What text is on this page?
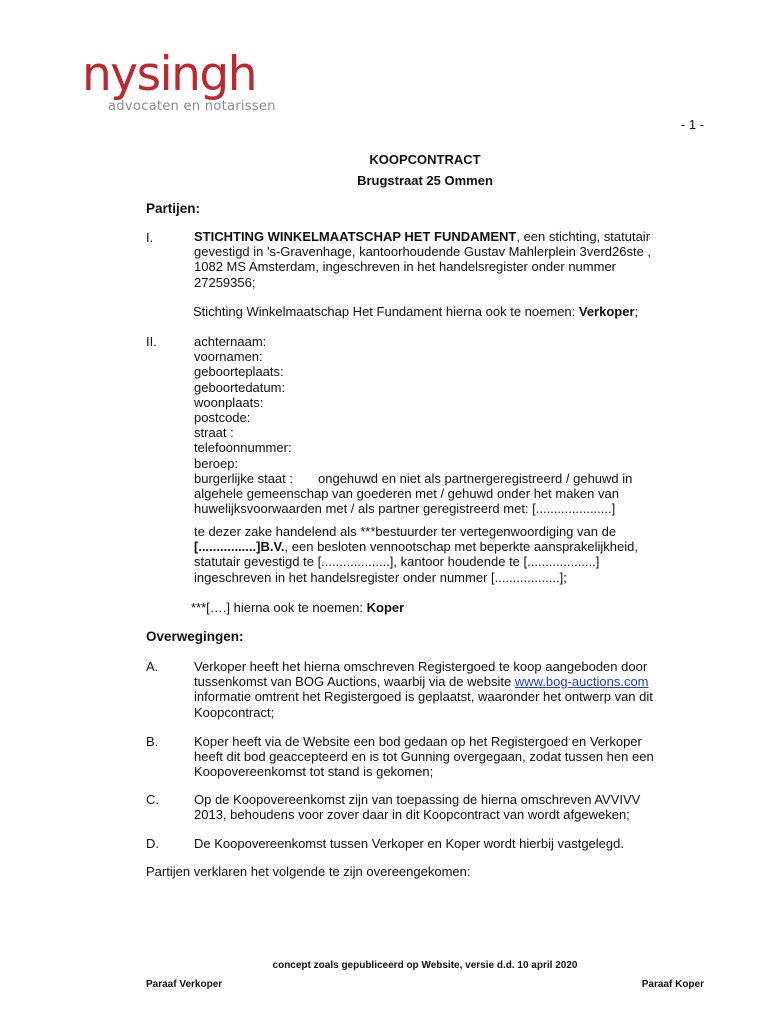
nysingh
advocaten en notarissen
- 1 -
KOOPCONTRACT
Brugstraat 25 Ommen
Partijen:
I.	STICHTING WINKELMAATSCHAP HET FUNDAMENT, een stichting, statutair
gevestigd in 's-Gravenhage, kantoorhoudende Gustav Mahlerplein 3verd26ste ,
1082 MS Amsterdam, ingeschreven in het handelsregister onder nummer
27259356;
Stichting Winkelmaatschap Het Fundament hierna ook te noemen: Verkoper;
II.	achternaam:
voornamen:
geboorteplaats:
geboortedatum:
woonplaats:
postcode:
straat :
telefoonnummer:
beroep:
burgerlijke staat : ongehuwd en niet als partnergeregistreerd / gehuwd in
algehele gemeenschap van goederen met / gehuwd onder het maken van
huwelijksvoorwaarden met / als partner geregistreerd met: [.....................]
te dezer zake handelend als ***bestuurder ter vertegenwoordiging van de
[................]B.V., een besloten vennootschap met beperkte aansprakelijkheid,
statutair gevestigd te [...................], kantoor houdende te [...................]
ingeschreven in het handelsregister onder nummer [..................];
***[….] hierna ook te noemen: Koper
Overwegingen:
A.	Verkoper heeft het hierna omschreven Registergoed te koop aangeboden door
tussenkomst van BOG Auctions, waarbij via de website www.bog-auctions.com
informatie omtrent het Registergoed is geplaatst, waaronder het ontwerp van dit
Koopcontract;
B.	Koper heeft via de Website een bod gedaan op het Registergoed en Verkoper
heeft dit bod geaccepteerd en is tot Gunning overgegaan, zodat tussen hen een
Koopovereenkomst tot stand is gekomen;
C.	Op de Koopovereenkomst zijn van toepassing de hierna omschreven AVVIVV
2013, behoudens voor zover daar in dit Koopcontract van wordt afgeweken;
D.	De Koopovereenkomst tussen Verkoper en Koper wordt hierbij vastgelegd.
Partijen verklaren het volgende te zijn overeengekomen:
concept zoals gepubliceerd op Website, versie d.d. 10 april 2020
Paraaf Verkoper	Paraaf Koper
